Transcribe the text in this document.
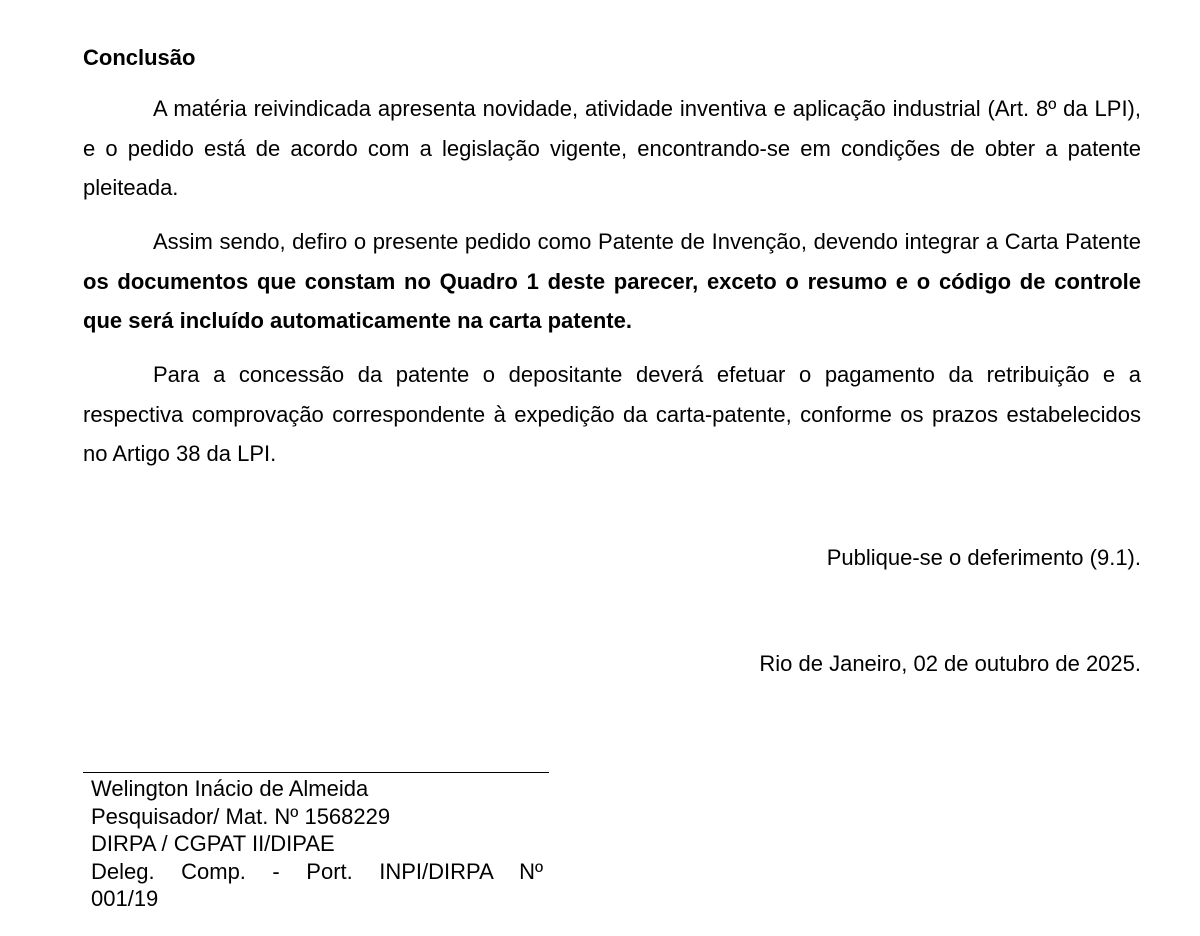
Conclusão

A matéria reivindicada apresenta novidade, atividade inventiva e aplicação industrial (Art. 8º da LPI), e o pedido está de acordo com a legislação vigente, encontrando-se em condições de obter a patente pleiteada.

Assim sendo, defiro o presente pedido como Patente de Invenção, devendo integrar a Carta Patente os documentos que constam no Quadro 1 deste parecer, exceto o resumo e o código de controle que será incluído automaticamente na carta patente.

Para a concessão da patente o depositante deverá efetuar o pagamento da retribuição e a respectiva comprovação correspondente à expedição da carta-patente, conforme os prazos estabelecidos no Artigo 38 da LPI.

Publique-se o deferimento (9.1).
Rio de Janeiro, 02 de outubro de 2025.
Welington Inácio de Almeida
Pesquisador/ Mat. Nº 1568229
DIRPA / CGPAT II/DIPAE
Deleg. Comp. - Port. INPI/DIRPA Nº
001/19
